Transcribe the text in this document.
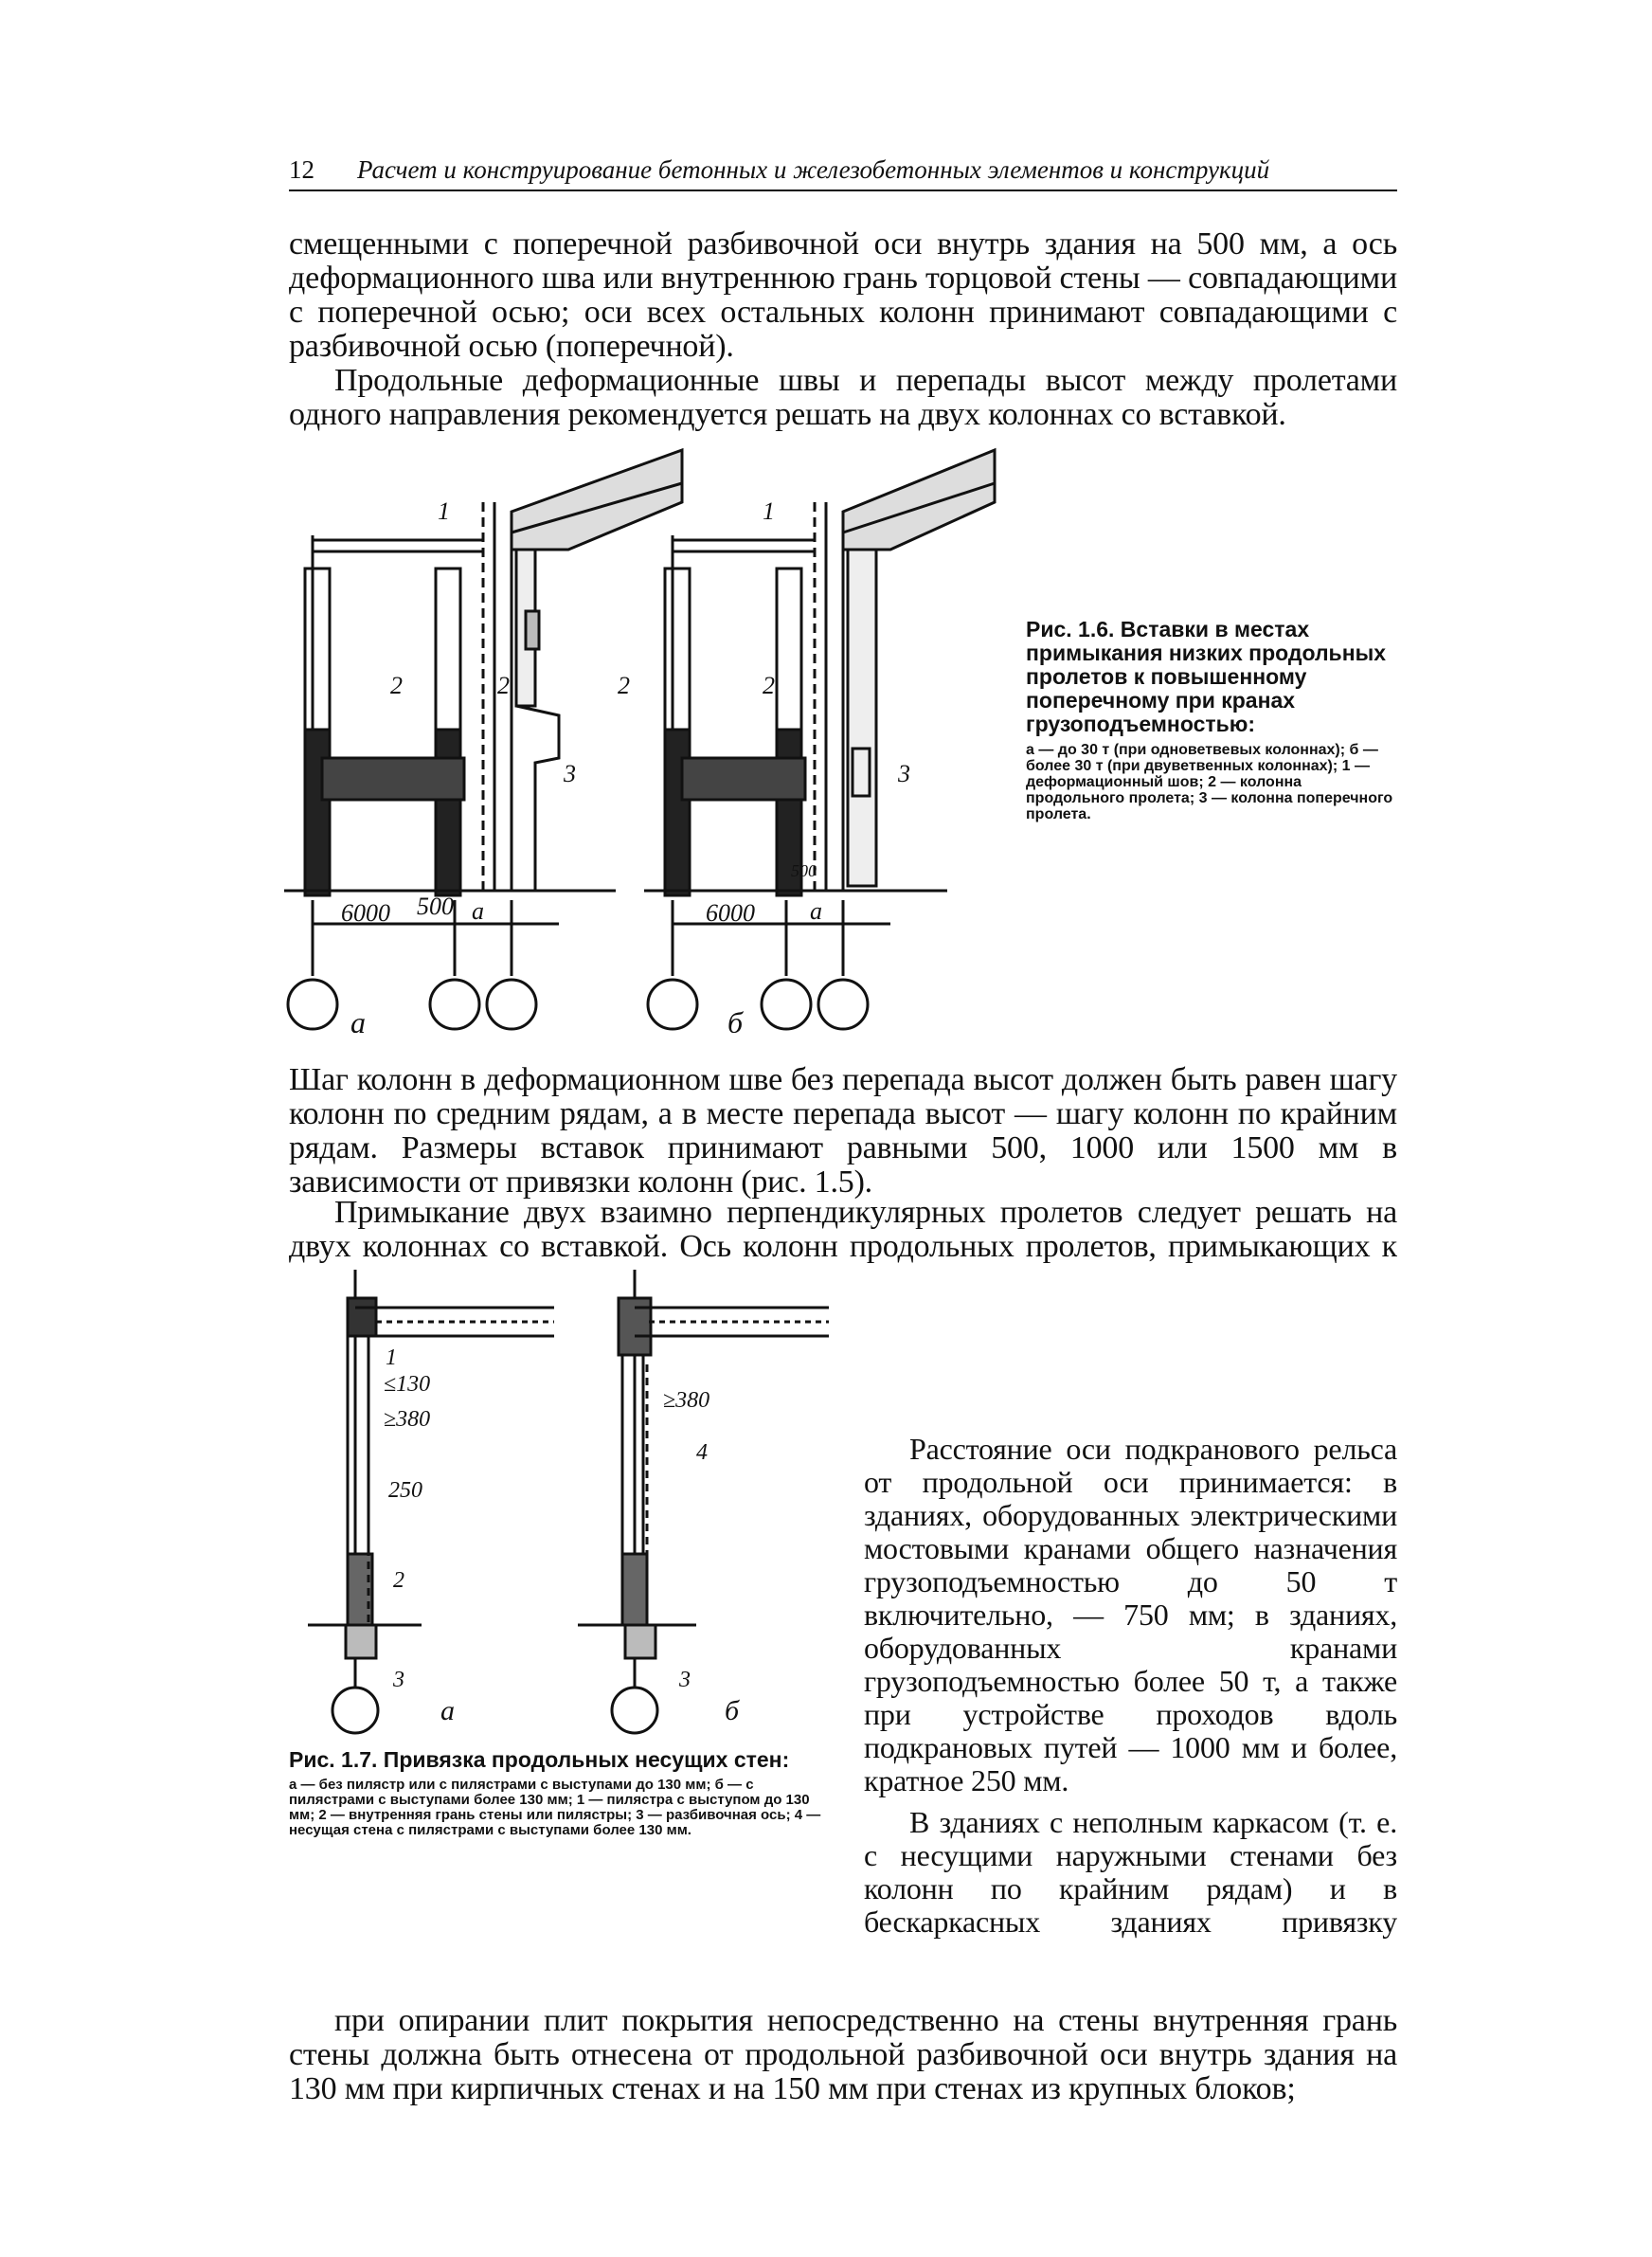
12 Расчет и конструирование бетонных и железобетонных элементов и конструкций

смещенными с поперечной разбивочной оси внутрь здания на 500 мм, а ось деформационного шва или внутреннюю грань торцовой стены — совпадающими с поперечной осью; оси всех остальных колонн принимают совпадающими с разбивочной осью (поперечной).

Продольные деформационные швы и перепады высот между пролетами одного направления рекомендуется решать на двух колоннах со вставкой.

1
2	2
3
6000 500 a
1
2	2
3
6000
500
a
а	б

Рис. 1.6. Вставки в местах примыкания низких продольных пролетов к повышенному поперечному при кранах грузоподъемностью:

а — до 30 т (при одноветвевых колоннах); б — более 30 т (при двуветвенных колоннах); 1 — деформационный шов; 2 — колонна продольного пролета; 3 — колонна поперечного пролета.

Шаг колонн в деформационном шве без перепада высот должен быть равен шагу колонн по средним рядам, а в месте перепада высот — шагу колонн по крайним рядам. Размеры вставок принимают равными 500, 1000 или 1500 мм в зависимости от привязки колонн (рис. 1.5).

Примыкание двух взаимно перпендикулярных пролетов следует решать на двух колоннах со вставкой. Ось колонн продольных пролетов, примыкающих к

1
≤130
≥380
250
2
3
≥380
4
3
а	б

Рис. 1.7. Привязка продольных несущих стен:

а — без пилястр или с пилястрами с выступами до 130 мм; б — с пилястрами с выступами более 130 мм; 1 — пилястра с выступом до 130 мм; 2 — внутренняя грань стены или пилястры; 3 — разбивочная ось; 4 — несущая стена с пилястрами с выступами более 130 мм.

Расстояние оси подкранового рельса от продольной оси принимается: в зданиях, оборудованных электрическими мостовыми кранами общего назначения грузоподъемностью до 50 т включительно, — 750 мм; в зданиях, оборудованных кранами грузоподъемностью более 50 т, а также при устройстве проходов вдоль подкрановых путей — 1000 мм и более, кратное 250 мм.

В зданиях с неполным каркасом (т. е. с несущими наружными стенами без колонн по крайним рядам) и в бескаркасных зданиях привязку

при опирании плит покрытия непосредственно на стены внутренняя грань стены должна быть отнесена от продольной разбивочной оси внутрь здания на 130 мм при кирпичных стенах и на 150 мм при стенах из крупных блоков;
